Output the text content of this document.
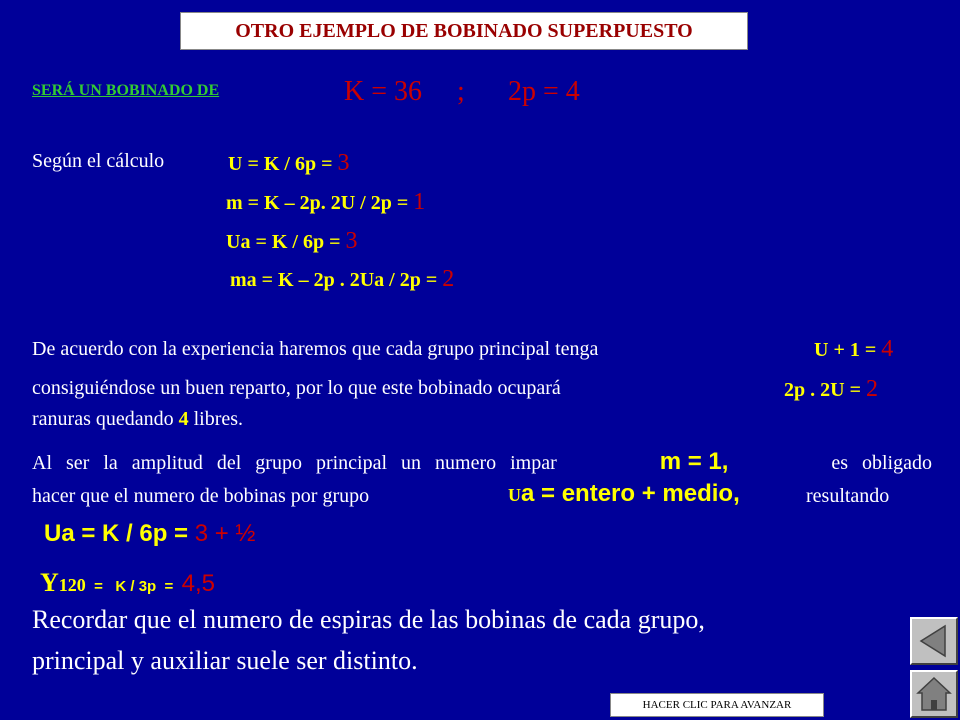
OTRO EJEMPLO DE BOBINADO SUPERPUESTO
SERÁ UN BOBINADO DE	K = 36 ; 2p = 4
Según el cálculo	U = K / 6p = 3
m = K – 2p. 2U / 2p = 1
Ua = K / 6p = 3
ma = K – 2p . 2Ua / 2p = 2
De acuerdo con la experiencia haremos que cada grupo principal tenga	U + 1 = 4
consiguiéndose un buen reparto, por lo que este bobinado ocupará	2p . 2U = 2
ranuras quedando 4 libres.
Al ser la amplitud del grupo principal un numero impar	m = 1,	es obligado
hacer que el numero de bobinas por grupo	Ua = entero + medio,	resultando
Ua = K / 6p = 3 + ½
Y120  =   K / 3p  =  4,5
Recordar que el numero de espiras de las bobinas de cada grupo,
principal y auxiliar suele ser distinto.
HACER CLIC PARA AVANZAR
